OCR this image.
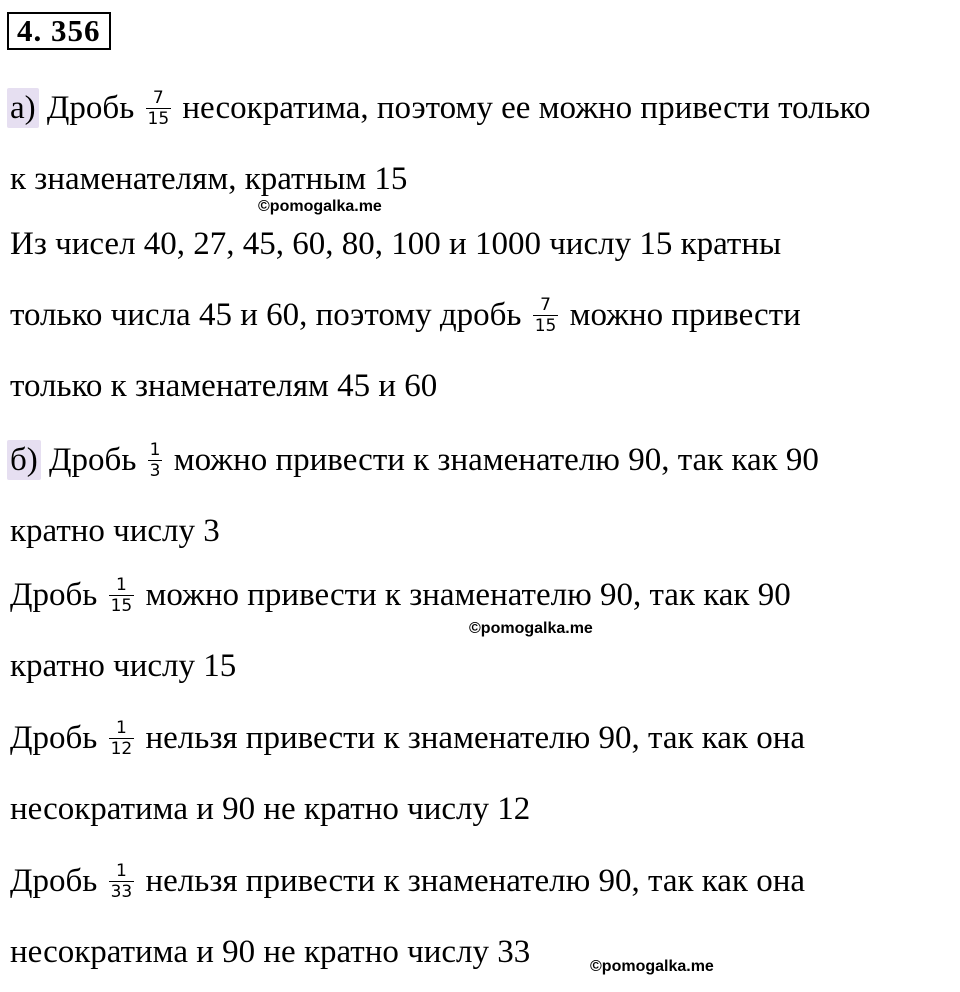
4. 356
а) Дробь $\frac{7}{15}$ несократима, поэтому ее можно привести только
к знаменателям, кратным 15
©pomogalka.me
Из чисел 40, 27, 45, 60, 80, 100 и 1000 числу 15 кратны
только числа 45 и 60, поэтому дробь $\frac{7}{15}$ можно привести
только к знаменателям 45 и 60
б) Дробь $\frac{1}{3}$ можно привести к знаменателю 90, так как 90
кратно числу 3
Дробь $\frac{1}{15}$ можно привести к знаменателю 90, так как 90
©pomogalka.me
кратно числу 15
Дробь $\frac{1}{12}$ нельзя привести к знаменателю 90, так как она
несократима и 90 не кратно числу 12
Дробь $\frac{1}{33}$ нельзя привести к знаменателю 90, так как она
несократима и 90 не кратно числу 33	©pomogalka.me
